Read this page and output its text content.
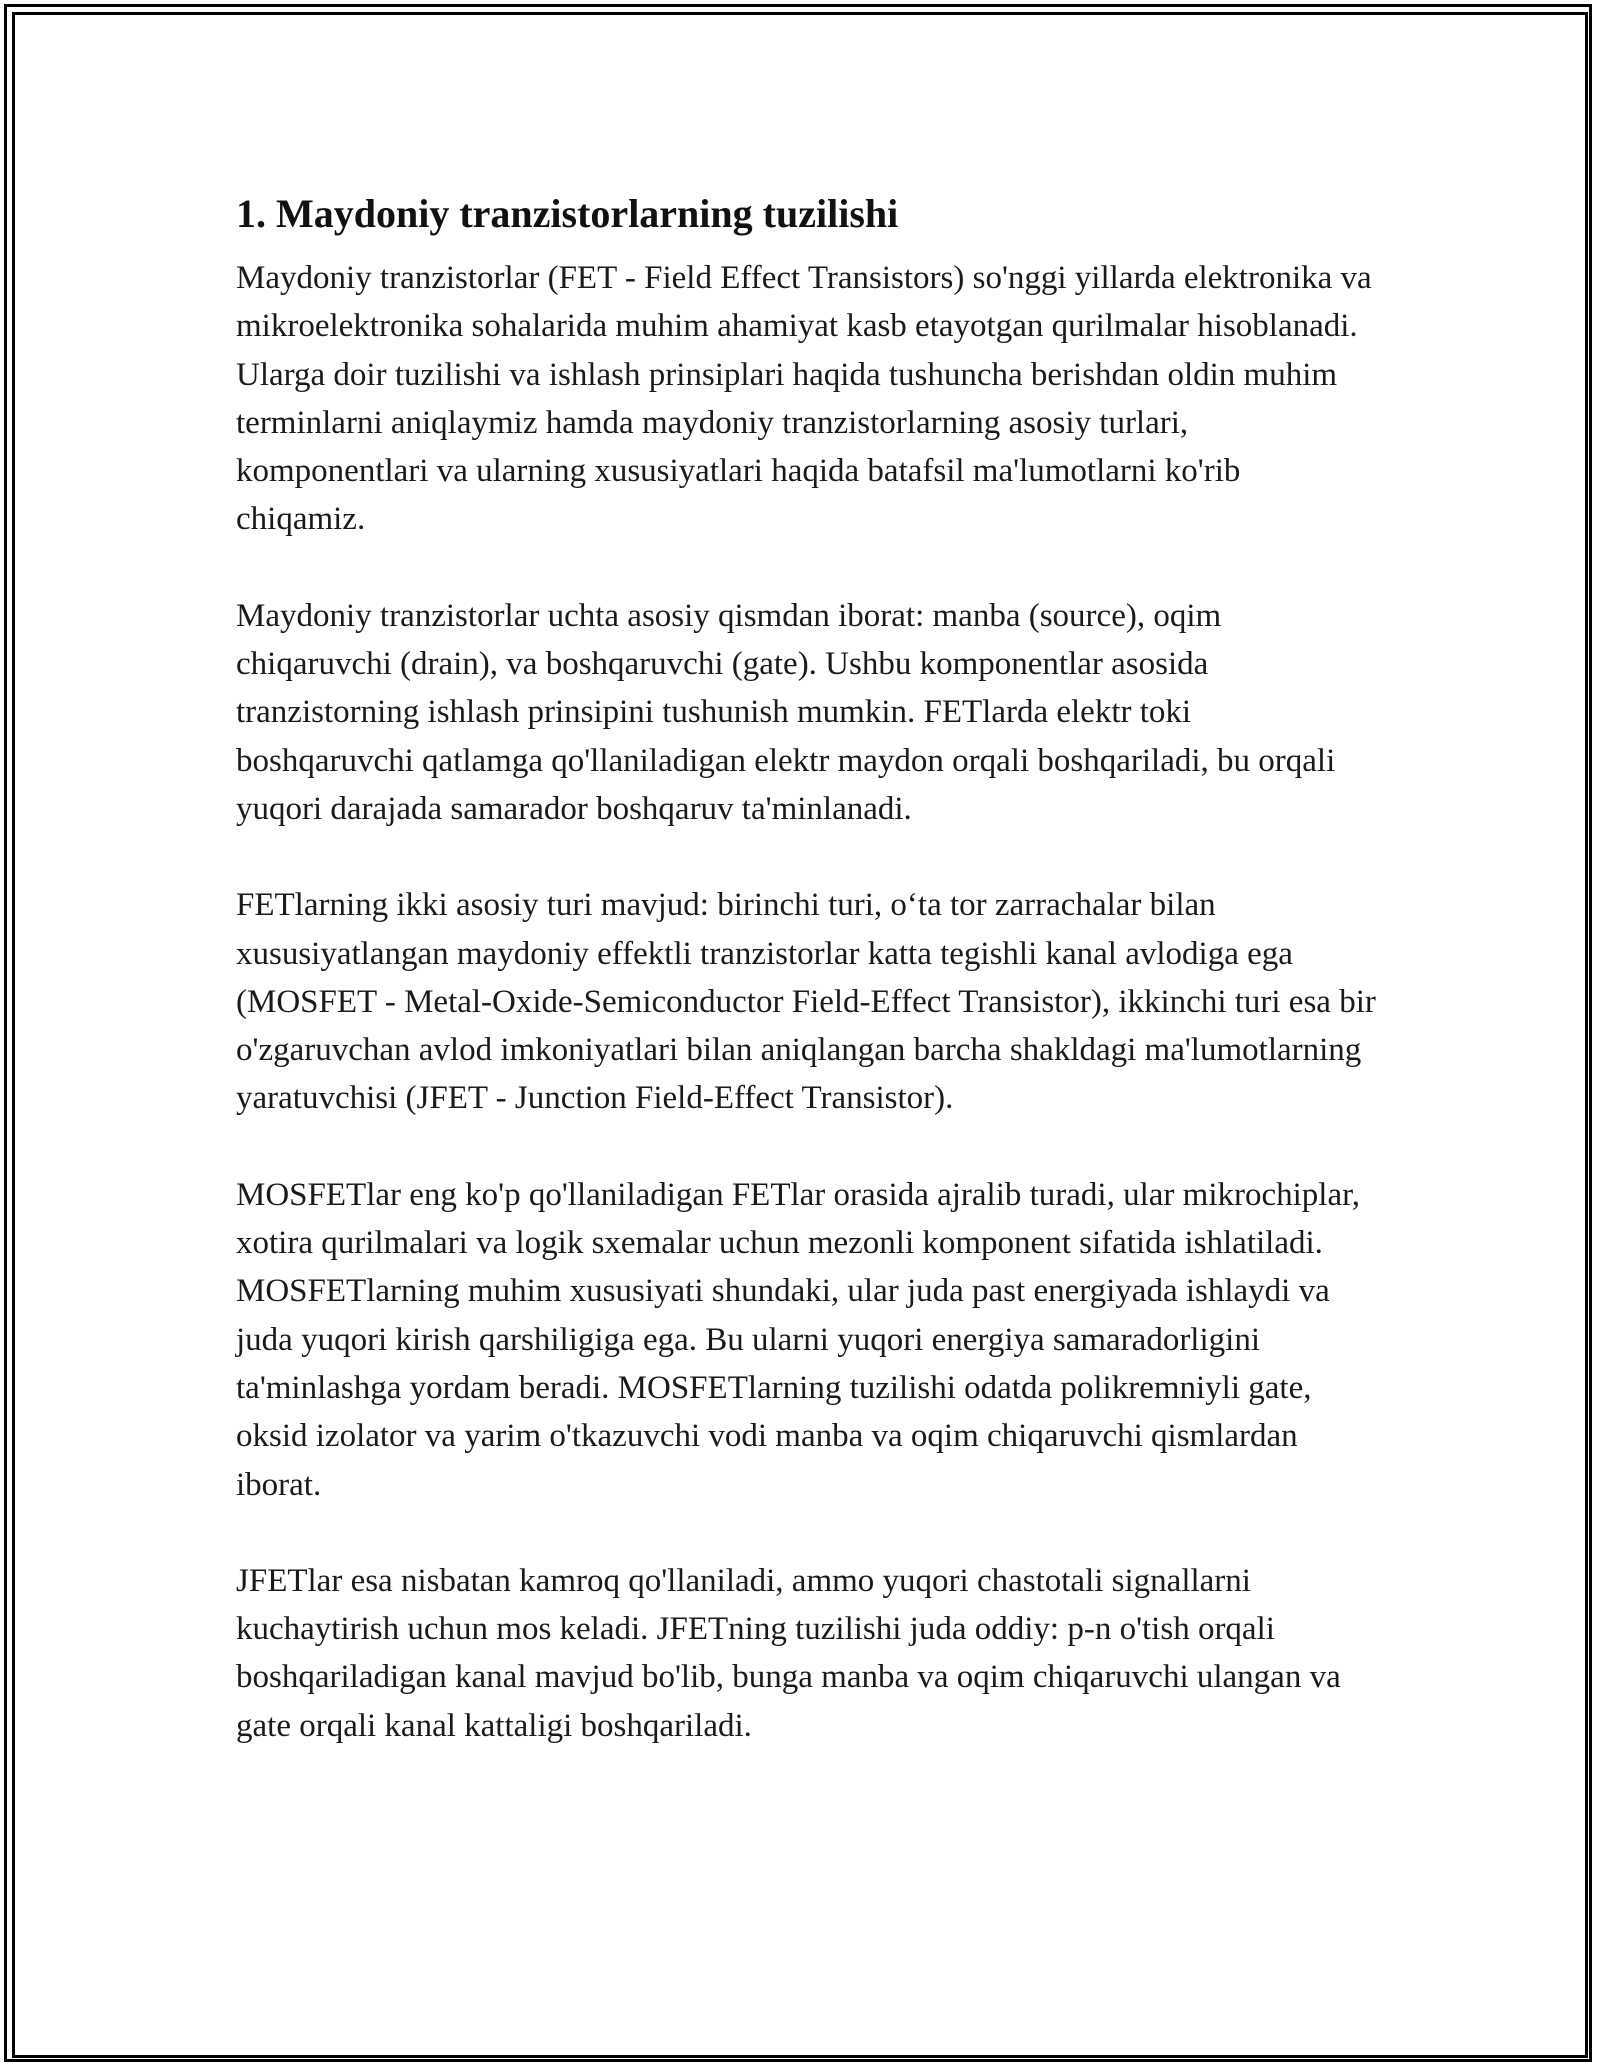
1. Maydoniy tranzistorlarning tuzilishi

Maydoniy tranzistorlar (FET - Field Effect Transistors) so'nggi yillarda elektronika va mikroelektronika sohalarida muhim ahamiyat kasb etayotgan qurilmalar hisoblanadi. Ularga doir tuzilishi va ishlash prinsiplari haqida tushuncha berishdan oldin muhim terminlarni aniqlaymiz hamda maydoniy tranzistorlarning asosiy turlari, komponentlari va ularning xususiyatlari haqida batafsil ma'lumotlarni ko'rib chiqamiz.

Maydoniy tranzistorlar uchta asosiy qismdan iborat: manba (source), oqim chiqaruvchi (drain), va boshqaruvchi (gate). Ushbu komponentlar asosida tranzistorning ishlash prinsipini tushunish mumkin. FETlarda elektr toki boshqaruvchi qatlamga qo'llaniladigan elektr maydon orqali boshqariladi, bu orqali yuqori darajada samarador boshqaruv ta'minlanadi.

FETlarning ikki asosiy turi mavjud: birinchi turi, o‘ta tor zarrachalar bilan xususiyatlangan maydoniy effektli tranzistorlar katta tegishli kanal avlodiga ega (MOSFET - Metal-Oxide-Semiconductor Field-Effect Transistor), ikkinchi turi esa bir o'zgaruvchan avlod imkoniyatlari bilan aniqlangan barcha shakldagi ma'lumotlarning yaratuvchisi (JFET - Junction Field-Effect Transistor).

MOSFETlar eng ko'p qo'llaniladigan FETlar orasida ajralib turadi, ular mikrochiplar, xotira qurilmalari va logik sxemalar uchun mezonli komponent sifatida ishlatiladi. MOSFETlarning muhim xususiyati shundaki, ular juda past energiyada ishlaydi va juda yuqori kirish qarshiligiga ega. Bu ularni yuqori energiya samaradorligini ta'minlashga yordam beradi. MOSFETlarning tuzilishi odatda polikremniyli gate, oksid izolator va yarim o'tkazuvchi vodi manba va oqim chiqaruvchi qismlardan iborat.

JFETlar esa nisbatan kamroq qo'llaniladi, ammo yuqori chastotali signallarni kuchaytirish uchun mos keladi. JFETning tuzilishi juda oddiy: p-n o'tish orqali boshqariladigan kanal mavjud bo'lib, bunga manba va oqim chiqaruvchi ulangan va gate orqali kanal kattaligi boshqariladi.
